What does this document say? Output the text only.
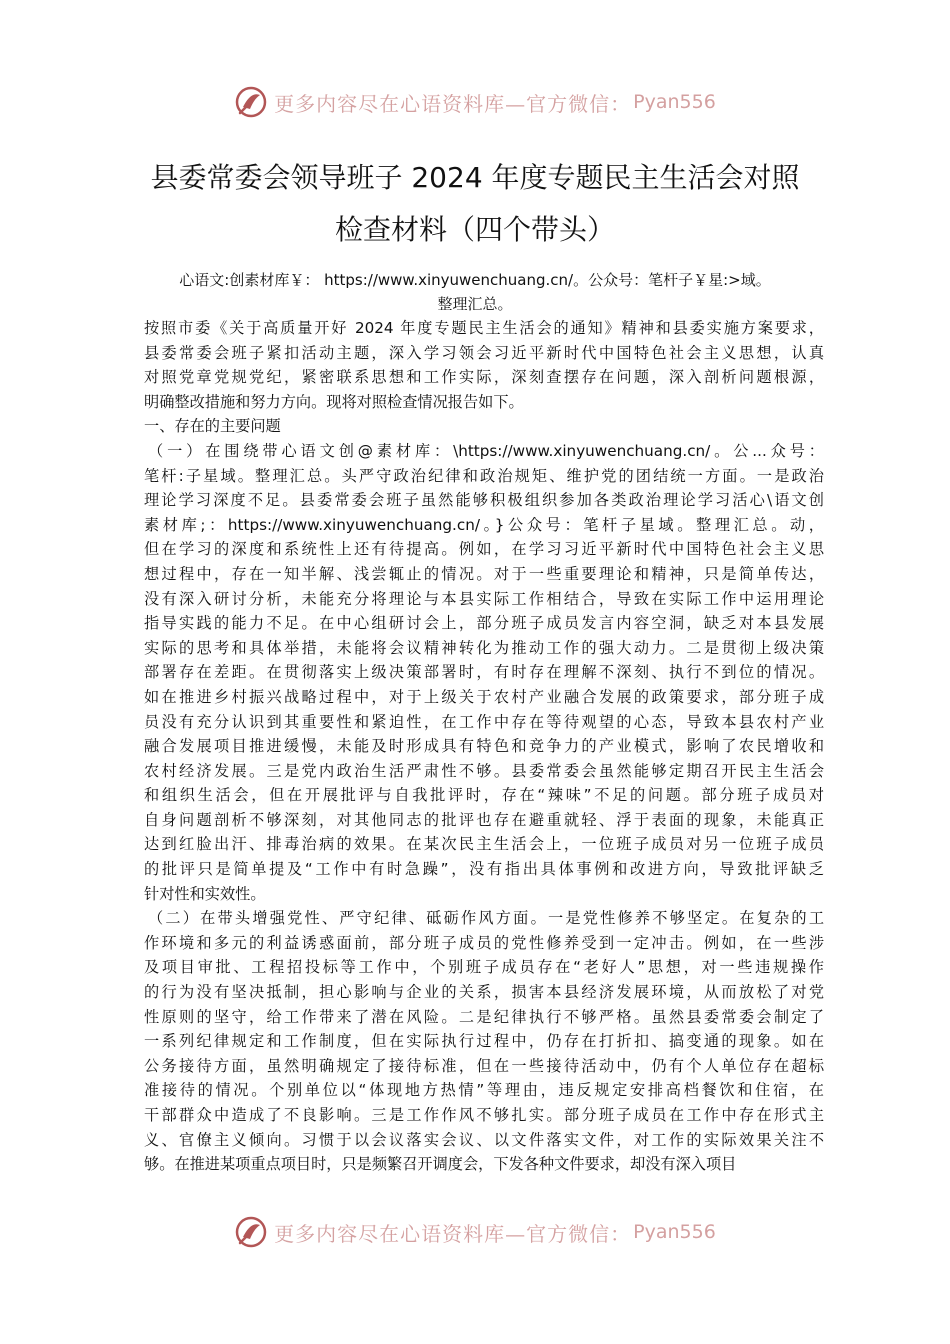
更多内容尽在心语资料库—官方微信： Pyan556
县委常委会领导班子 2024 年度专题民主生活会对照
检查材料（四个带头）
心语文:创素材库￥： https://www.xinyuwenchuang.cn/。公众号：笔杆子￥星:>域。
整理汇总。
按照市委《关于高质量开好 2024 年度专题民主生活会的通知》精神和县委实施方案要求，
县委常委会班子紧扣活动主题，深入学习领会习近平新时代中国特色社会主义思想，认真
对照党章党规党纪，紧密联系思想和工作实际，深刻查摆存在问题，深入剖析问题根源，
明确整改措施和努力方向。现将对照检查情况报告如下。
一、存在的主要问题
（一）在围绕带心语文创@素材库：\https://www.xinyuwenchuang.cn/。公...众号：
笔杆:子星域。整理汇总。头严守政治纪律和政治规矩、维护党的团结统一方面。一是政治
理论学习深度不足。县委常委会班子虽然能够积极组织参加各类政治理论学习活心\语文创
素材库;：https://www.xinyuwenchuang.cn/。}公众号：笔杆子星域。整理汇总。动，
但在学习的深度和系统性上还有待提高。例如，在学习习近平新时代中国特色社会主义思
想过程中，存在一知半解、浅尝辄止的情况。对于一些重要理论和精神，只是简单传达，
没有深入研讨分析，未能充分将理论与本县实际工作相结合，导致在实际工作中运用理论
指导实践的能力不足。在中心组研讨会上，部分班子成员发言内容空洞，缺乏对本县发展
实际的思考和具体举措，未能将会议精神转化为推动工作的强大动力。二是贯彻上级决策
部署存在差距。在贯彻落实上级决策部署时，有时存在理解不深刻、执行不到位的情况。
如在推进乡村振兴战略过程中，对于上级关于农村产业融合发展的政策要求，部分班子成
员没有充分认识到其重要性和紧迫性，在工作中存在等待观望的心态，导致本县农村产业
融合发展项目推进缓慢，未能及时形成具有特色和竞争力的产业模式，影响了农民增收和
农村经济发展。三是党内政治生活严肃性不够。县委常委会虽然能够定期召开民主生活会
和组织生活会，但在开展批评与自我批评时，存在“辣味”不足的问题。部分班子成员对
自身问题剖析不够深刻，对其他同志的批评也存在避重就轻、浮于表面的现象，未能真正
达到红脸出汗、排毒治病的效果。在某次民主生活会上，一位班子成员对另一位班子成员
的批评只是简单提及“工作中有时急躁”，没有指出具体事例和改进方向，导致批评缺乏
针对性和实效性。
（二）在带头增强党性、严守纪律、砥砺作风方面。一是党性修养不够坚定。在复杂的工
作环境和多元的利益诱惑面前，部分班子成员的党性修养受到一定冲击。例如，在一些涉
及项目审批、工程招投标等工作中，个别班子成员存在“老好人”思想，对一些违规操作
的行为没有坚决抵制，担心影响与企业的关系，损害本县经济发展环境，从而放松了对党
性原则的坚守，给工作带来了潜在风险。二是纪律执行不够严格。虽然县委常委会制定了
一系列纪律规定和工作制度，但在实际执行过程中，仍存在打折扣、搞变通的现象。如在
公务接待方面，虽然明确规定了接待标准，但在一些接待活动中，仍有个人单位存在超标
准接待的情况。个别单位以“体现地方热情”等理由，违反规定安排高档餐饮和住宿，在
干部群众中造成了不良影响。三是工作作风不够扎实。部分班子成员在工作中存在形式主
义、官僚主义倾向。习惯于以会议落实会议、以文件落实文件，对工作的实际效果关注不
够。在推进某项重点项目时，只是频繁召开调度会，下发各种文件要求，却没有深入项目
更多内容尽在心语资料库—官方微信： Pyan556
